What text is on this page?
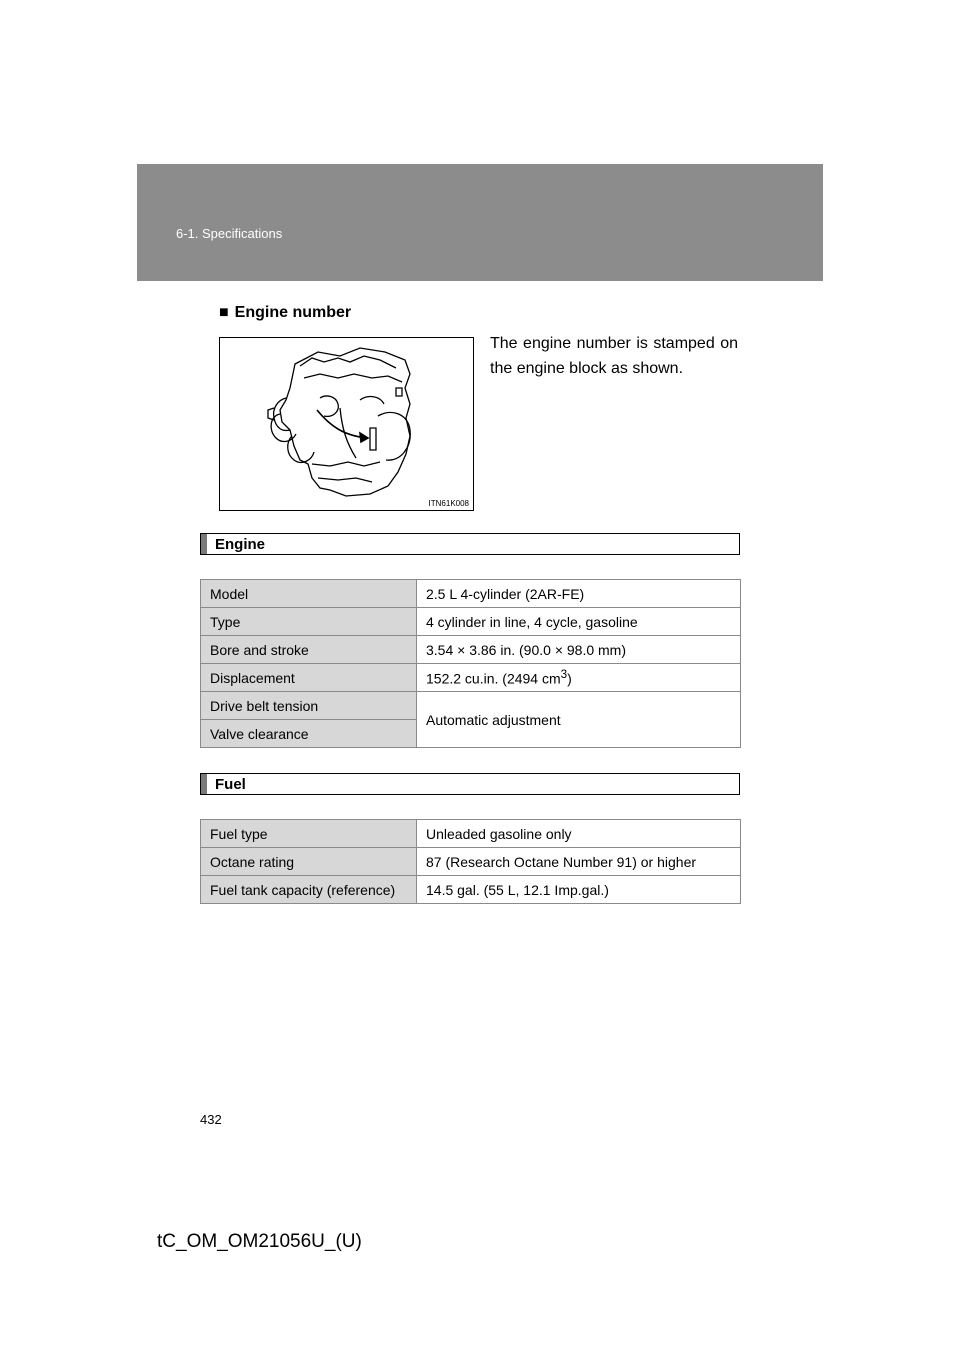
6-1. Specifications
■ Engine number
The engine number is stamped on the engine block as shown.
ITN61K008
Engine
Model	2.5 L 4-cylinder (2AR-FE)
Type	4 cylinder in line, 4 cycle, gasoline
Bore and stroke	3.54 × 3.86 in. (90.0 × 98.0 mm)
Displacement	152.2 cu.in. (2494 $cm^3$)
Drive belt tension	Automatic adjustment
Valve clearance	
Fuel
Fuel type	Unleaded gasoline only
Octane rating	87 (Research Octane Number 91) or higher
Fuel tank capacity (reference)	14.5 gal. (55 L, 12.1 Imp.gal.)
432
tC_OM_OM21056U_(U)
